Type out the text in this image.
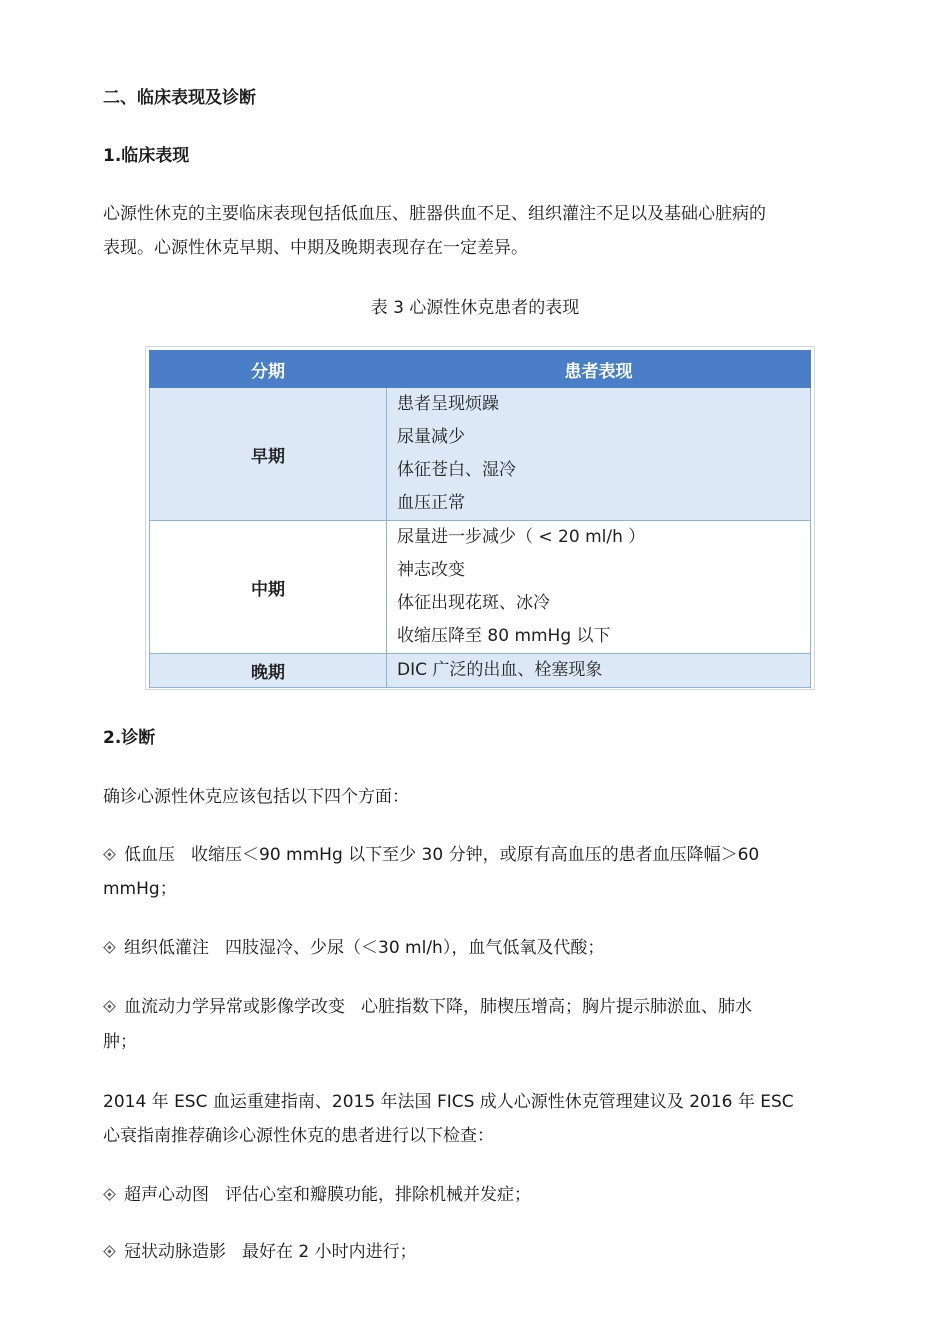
二、临床表现及诊断
1.临床表现
心源性休克的主要临床表现包括低血压、脏器供血不足、组织灌注不足以及基础心脏病的
表现。心源性休克早期、中期及晚期表现存在一定差异。
表 3 心源性休克患者的表现
分期	患者表现
早期	患者呈现烦躁
尿量减少
体征苍白、湿冷
血压正常

中期	尿量进一步减少（ < 20 ml/h ）
神志改变
体征出现花斑、冰冷
收缩压降至 80 mmHg 以下

晚期	DIC 广泛的出血、栓塞现象
2.诊断
确诊心源性休克应该包括以下四个方面：
低血压 收缩压＜90 mmHg 以下至少 30 分钟，或原有高血压的患者血压降幅＞60
mmHg；
组织低灌注 四肢湿冷、少尿（＜30 ml/h），血气低氧及代酸；
血流动力学异常或影像学改变 心脏指数下降，肺楔压增高；胸片提示肺淤血、肺水
肿；
2014 年 ESC 血运重建指南、2015 年法国 FICS 成人心源性休克管理建议及 2016 年 ESC
心衰指南推荐确诊心源性休克的患者进行以下检查：
超声心动图 评估心室和瓣膜功能，排除机械并发症；
冠状动脉造影 最好在 2 小时内进行；
